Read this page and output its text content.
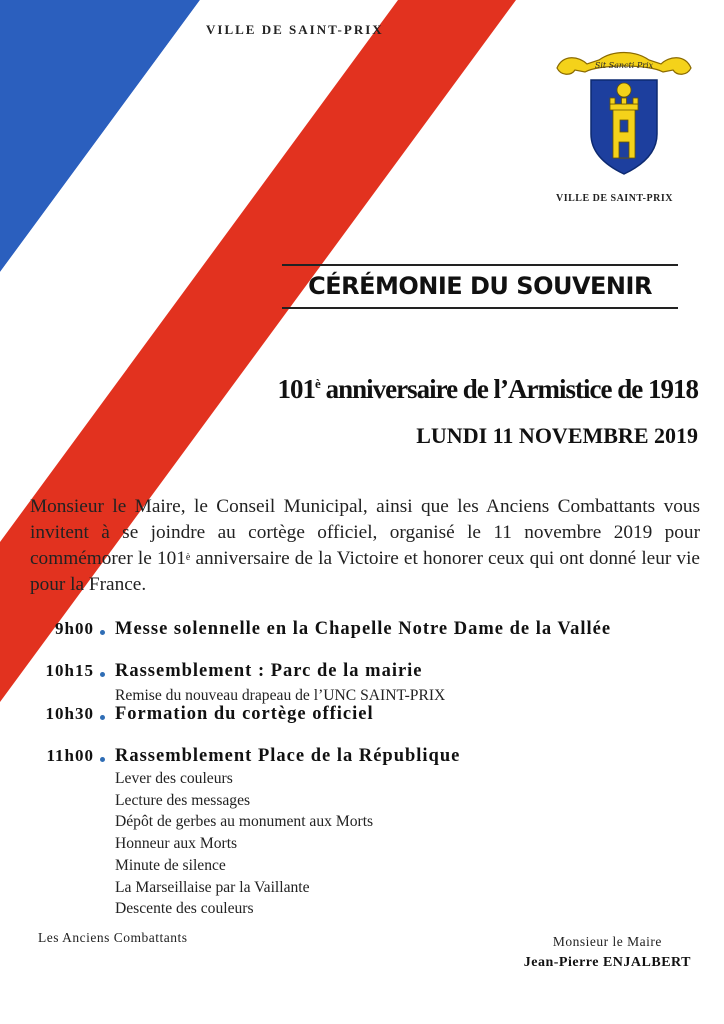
VILLE DE SAINT-PRIX
Sit Sancti Prix
VILLE DE SAINT-PRIX
CÉRÉMONIE DU SOUVENIR
$101^è$ anniversaire de l’Armistice de 1918
LUNDI 11 NOVEMBRE 2019

Monsieur le Maire, le Conseil Municipal, ainsi que les Anciens Combattants vous invitent à se joindre au cortège officiel, organisé le 11 novembre 2019 pour commémorer le $101^è$ anniversaire de la Victoire et honorer ceux qui ont donné leur vie pour la France.

9h00 Messe solennelle en la Chapelle Notre Dame de la Vallée
10h15 Rassemblement : Parc de la mairie
Remise du nouveau drapeau de l’UNC SAINT-PRIX
10h30 Formation du cortège officiel
11h00 Rassemblement Place de la République
Lever des couleurs
Lecture des messages
Dépôt de gerbes au monument aux Morts
Honneur aux Morts
Minute de silence
La Marseillaise par la Vaillante
Descente des couleurs
Les Anciens Combattants	Monsieur le Maire
Jean-Pierre ENJALBERT
